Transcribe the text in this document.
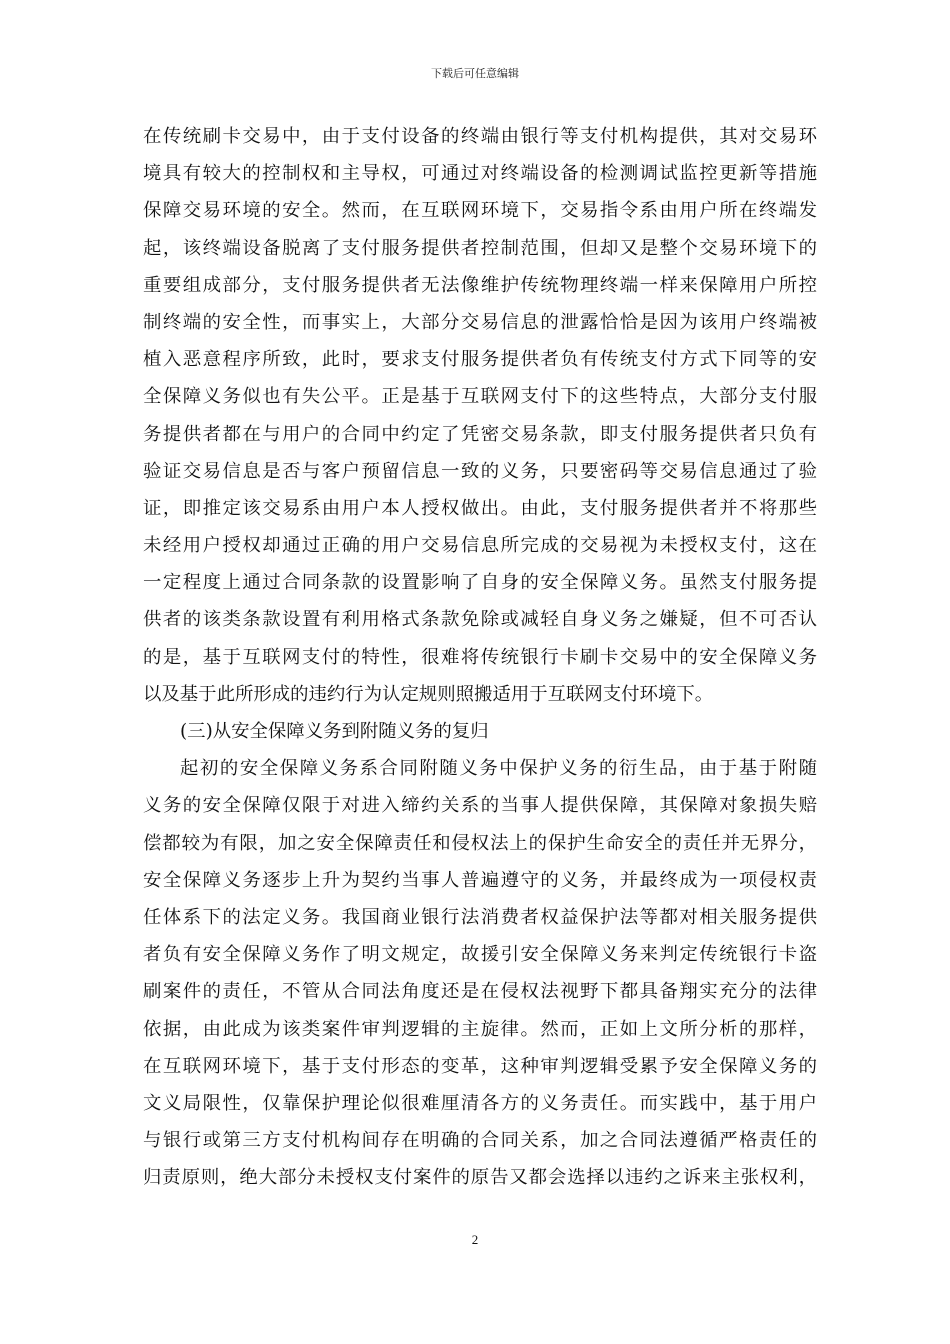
下载后可任意编辑
在传统刷卡交易中，由于支付设备的终端由银行等支付机构提供，其对交易环
境具有较大的控制权和主导权，可通过对终端设备的检测调试监控更新等措施
保障交易环境的安全。然而，在互联网环境下，交易指令系由用户所在终端发
起，该终端设备脱离了支付服务提供者控制范围，但却又是整个交易环境下的
重要组成部分，支付服务提供者无法像维护传统物理终端一样来保障用户所控
制终端的安全性，而事实上，大部分交易信息的泄露恰恰是因为该用户终端被
植入恶意程序所致，此时，要求支付服务提供者负有传统支付方式下同等的安
全保障义务似也有失公平。正是基于互联网支付下的这些特点，大部分支付服
务提供者都在与用户的合同中约定了凭密交易条款，即支付服务提供者只负有
验证交易信息是否与客户预留信息一致的义务，只要密码等交易信息通过了验
证，即推定该交易系由用户本人授权做出。由此，支付服务提供者并不将那些
未经用户授权却通过正确的用户交易信息所完成的交易视为未授权支付，这在
一定程度上通过合同条款的设置影响了自身的安全保障义务。虽然支付服务提
供者的该类条款设置有利用格式条款免除或减轻自身义务之嫌疑，但不可否认
的是，基于互联网支付的特性，很难将传统银行卡刷卡交易中的安全保障义务
以及基于此所形成的违约行为认定规则照搬适用于互联网支付环境下。
(三)从安全保障义务到附随义务的复归
起初的安全保障义务系合同附随义务中保护义务的衍生品，由于基于附随
义务的安全保障仅限于对进入缔约关系的当事人提供保障，其保障对象损失赔
偿都较为有限，加之安全保障责任和侵权法上的保护生命安全的责任并无界分，
安全保障义务逐步上升为契约当事人普遍遵守的义务，并最终成为一项侵权责
任体系下的法定义务。我国商业银行法消费者权益保护法等都对相关服务提供
者负有安全保障义务作了明文规定，故援引安全保障义务来判定传统银行卡盗
刷案件的责任，不管从合同法角度还是在侵权法视野下都具备翔实充分的法律
依据，由此成为该类案件审判逻辑的主旋律。然而，正如上文所分析的那样，
在互联网环境下，基于支付形态的变革，这种审判逻辑受累予安全保障义务的
文义局限性，仅靠保护理论似很难厘清各方的义务责任。而实践中，基于用户
与银行或第三方支付机构间存在明确的合同关系，加之合同法遵循严格责任的
归责原则，绝大部分未授权支付案件的原告又都会选择以违约之诉来主张权利，
2
